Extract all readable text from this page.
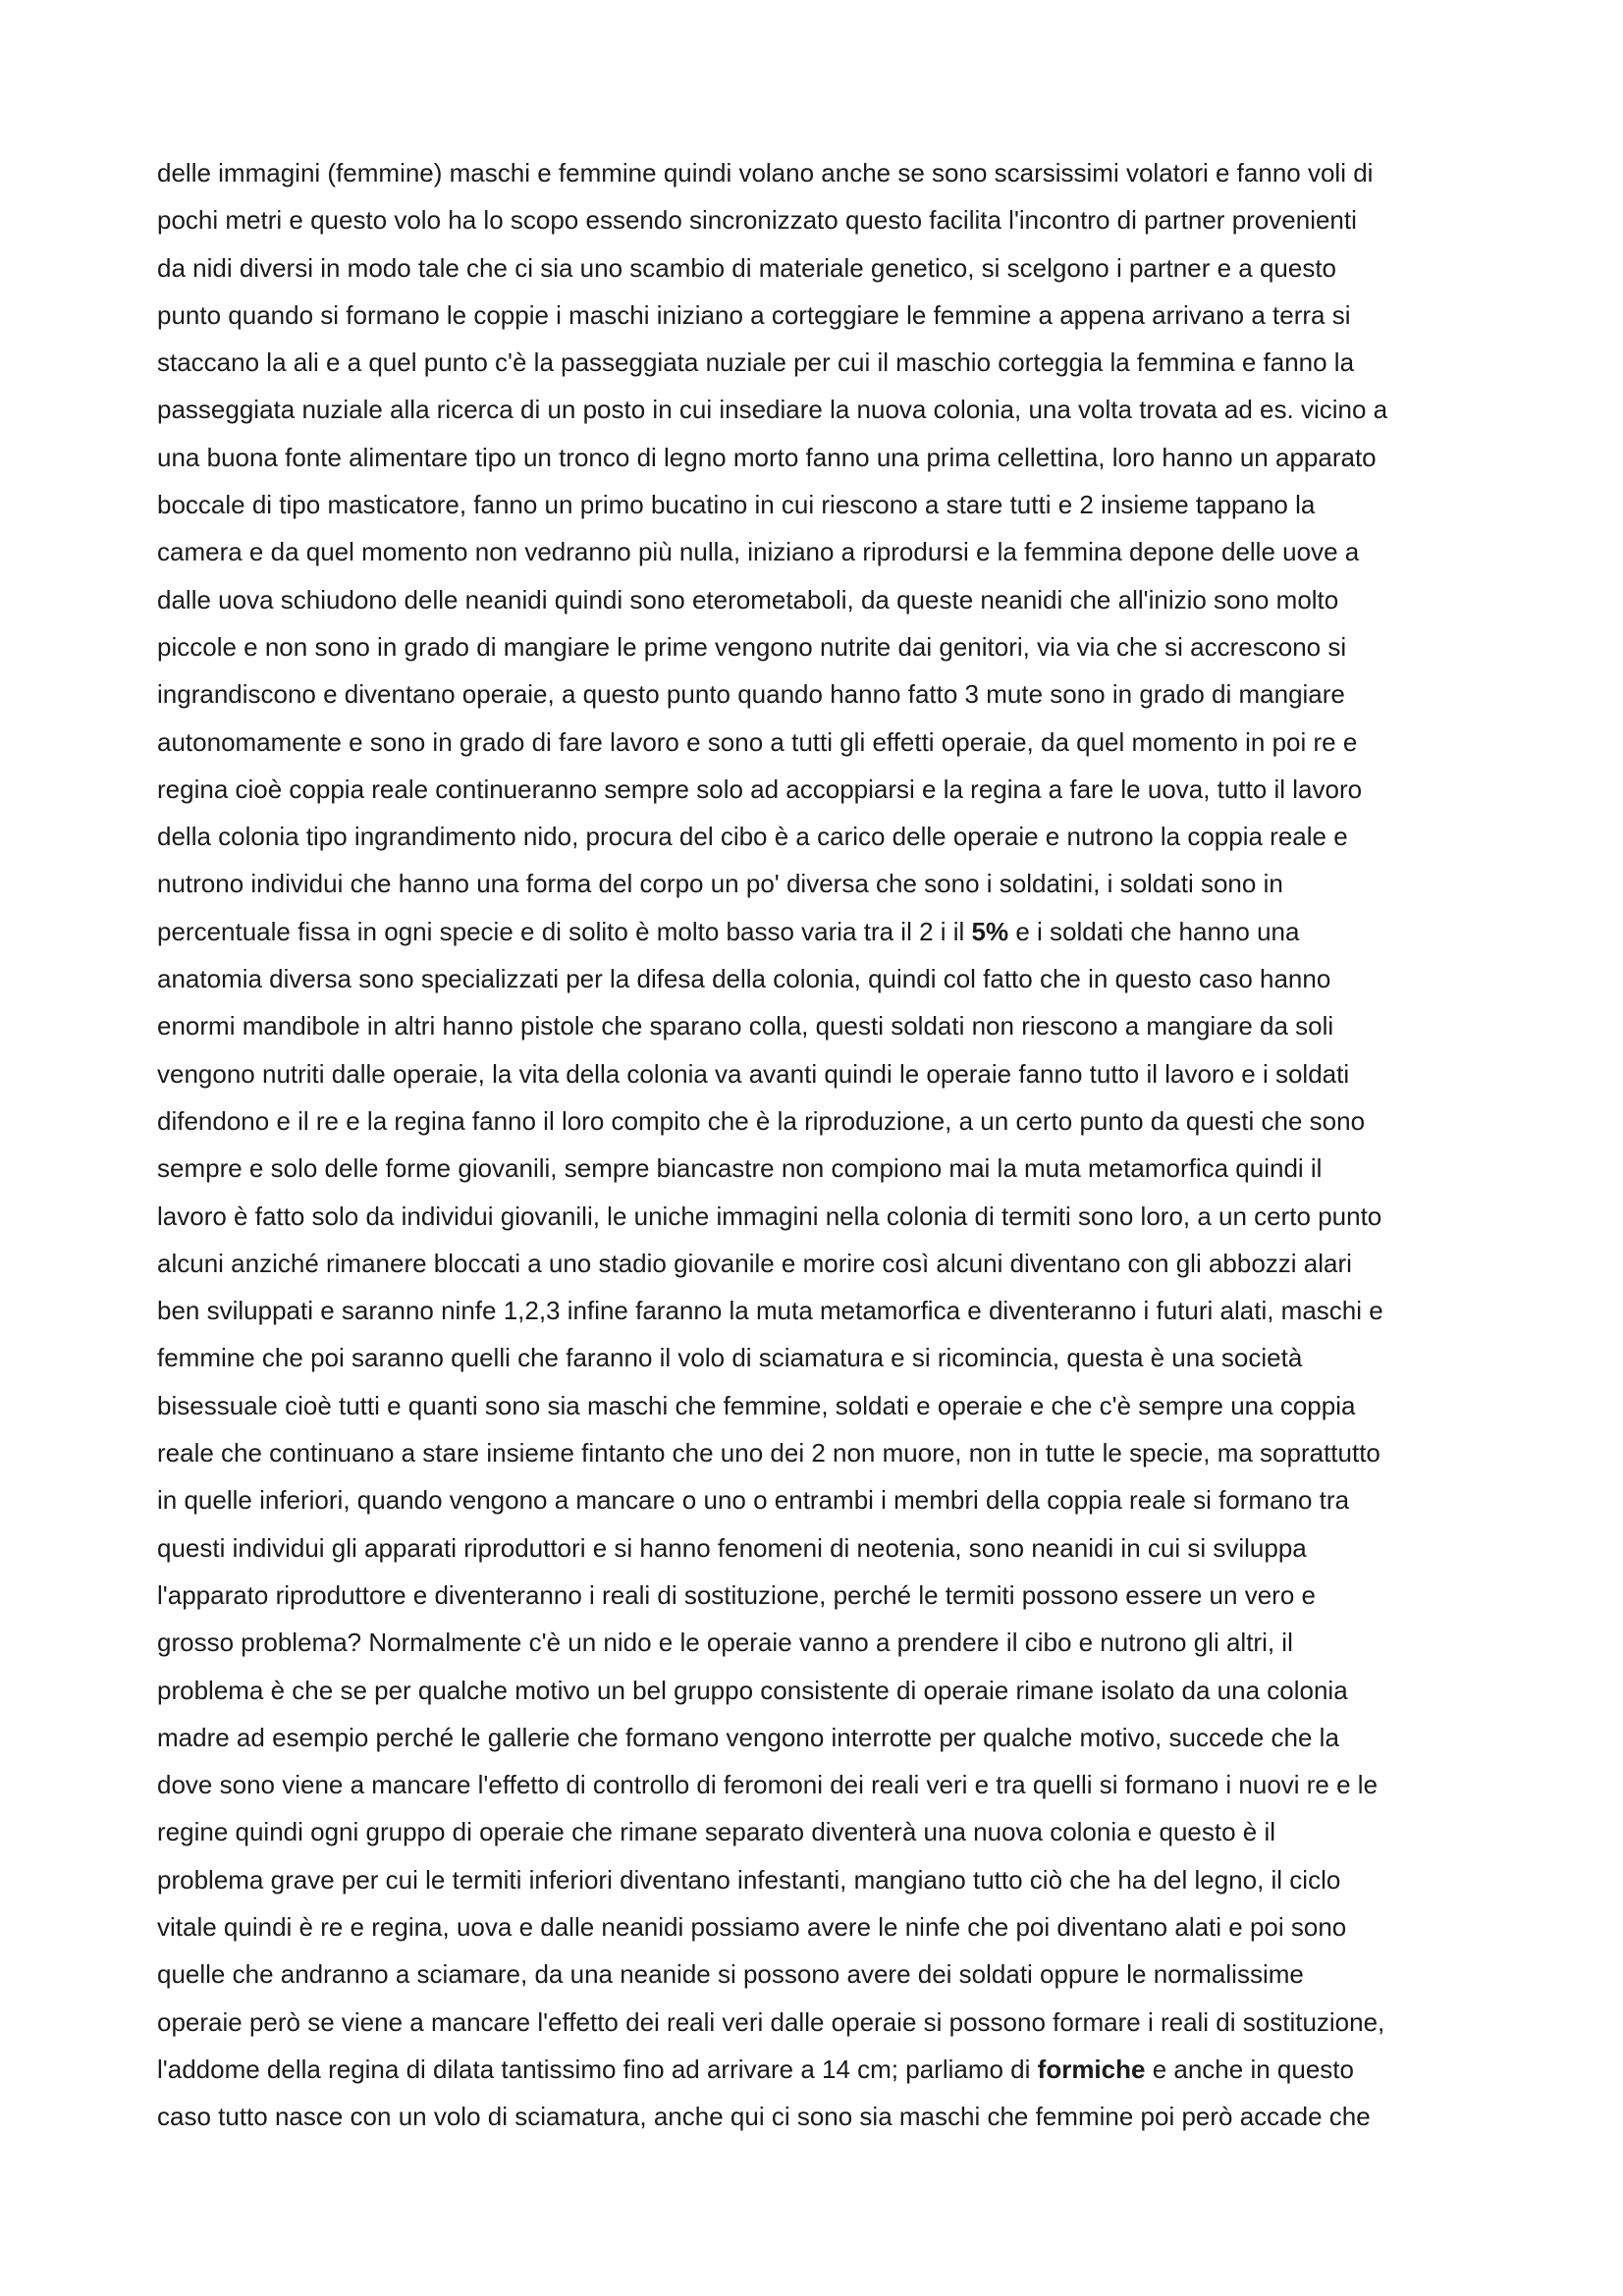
delle immagini (femmine) maschi e femmine quindi volano anche se sono scarsissimi volatori e fanno voli di
pochi metri e questo volo ha lo scopo essendo sincronizzato questo facilita l'incontro di partner provenienti
da nidi diversi in modo tale che ci sia uno scambio di materiale genetico, si scelgono i partner e a questo
punto quando si formano le coppie i maschi iniziano a corteggiare le femmine a appena arrivano a terra si
staccano la ali e a quel punto c'è la passeggiata nuziale per cui il maschio corteggia la femmina e fanno la
passeggiata nuziale alla ricerca di un posto in cui insediare la nuova colonia, una volta trovata ad es. vicino a
una buona fonte alimentare tipo un tronco di legno morto fanno una prima cellettina, loro hanno un apparato
boccale di tipo masticatore, fanno un primo bucatino in cui riescono a stare tutti e 2 insieme tappano la
camera e da quel momento non vedranno più nulla, iniziano a riprodursi e la femmina depone delle uove a
dalle uova schiudono delle neanidi quindi sono eterometaboli, da queste neanidi che all'inizio sono molto
piccole e non sono in grado di mangiare le prime vengono nutrite dai genitori, via via che si accrescono si
ingrandiscono e diventano operaie, a questo punto quando hanno fatto 3 mute sono in grado di mangiare
autonomamente e sono in grado di fare lavoro e sono a tutti gli effetti operaie, da quel momento in poi re e
regina cioè coppia reale continueranno sempre solo ad accoppiarsi e la regina a fare le uova, tutto il lavoro
della colonia tipo ingrandimento nido, procura del cibo è a carico delle operaie e nutrono la coppia reale e
nutrono individui che hanno una forma del corpo un po' diversa che sono i soldatini, i soldati sono in
percentuale fissa in ogni specie e di solito è molto basso varia tra il 2 i il 5% e i soldati che hanno una
anatomia diversa sono specializzati per la difesa della colonia, quindi col fatto che in questo caso hanno
enormi mandibole in altri hanno pistole che sparano colla, questi soldati non riescono a mangiare da soli
vengono nutriti dalle operaie, la vita della colonia va avanti quindi le operaie fanno tutto il lavoro e i soldati
difendono e il re e la regina fanno il loro compito che è la riproduzione, a un certo punto da questi che sono
sempre e solo delle forme giovanili, sempre biancastre non compiono mai la muta metamorfica quindi il
lavoro è fatto solo da individui giovanili, le uniche immagini nella colonia di termiti sono loro, a un certo punto
alcuni anziché rimanere bloccati a uno stadio giovanile e morire così alcuni diventano con gli abbozzi alari
ben sviluppati e saranno ninfe 1,2,3 infine faranno la muta metamorfica e diventeranno i futuri alati, maschi e
femmine che poi saranno quelli che faranno il volo di sciamatura e si ricomincia, questa è una società
bisessuale cioè tutti e quanti sono sia maschi che femmine, soldati e operaie e che c'è sempre una coppia
reale che continuano a stare insieme fintanto che uno dei 2 non muore, non in tutte le specie, ma soprattutto
in quelle inferiori, quando vengono a mancare o uno o entrambi i membri della coppia reale si formano tra
questi individui gli apparati riproduttori e si hanno fenomeni di neotenia, sono neanidi in cui si sviluppa
l'apparato riproduttore e diventeranno i reali di sostituzione, perché le termiti possono essere un vero e
grosso problema? Normalmente c'è un nido e le operaie vanno a prendere il cibo e nutrono gli altri, il
problema è che se per qualche motivo un bel gruppo consistente di operaie rimane isolato da una colonia
madre ad esempio perché le gallerie che formano vengono interrotte per qualche motivo, succede che la
dove sono viene a mancare l'effetto di controllo di feromoni dei reali veri e tra quelli si formano i nuovi re e le
regine quindi ogni gruppo di operaie che rimane separato diventerà una nuova colonia e questo è il
problema grave per cui le termiti inferiori diventano infestanti, mangiano tutto ciò che ha del legno, il ciclo
vitale quindi è re e regina, uova e dalle neanidi possiamo avere le ninfe che poi diventano alati e poi sono
quelle che andranno a sciamare, da una neanide si possono avere dei soldati oppure le normalissime
operaie però se viene a mancare l'effetto dei reali veri dalle operaie si possono formare i reali di sostituzione,
l'addome della regina di dilata tantissimo fino ad arrivare a 14 cm; parliamo di formiche e anche in questo
caso tutto nasce con un volo di sciamatura, anche qui ci sono sia maschi che femmine poi però accade che
